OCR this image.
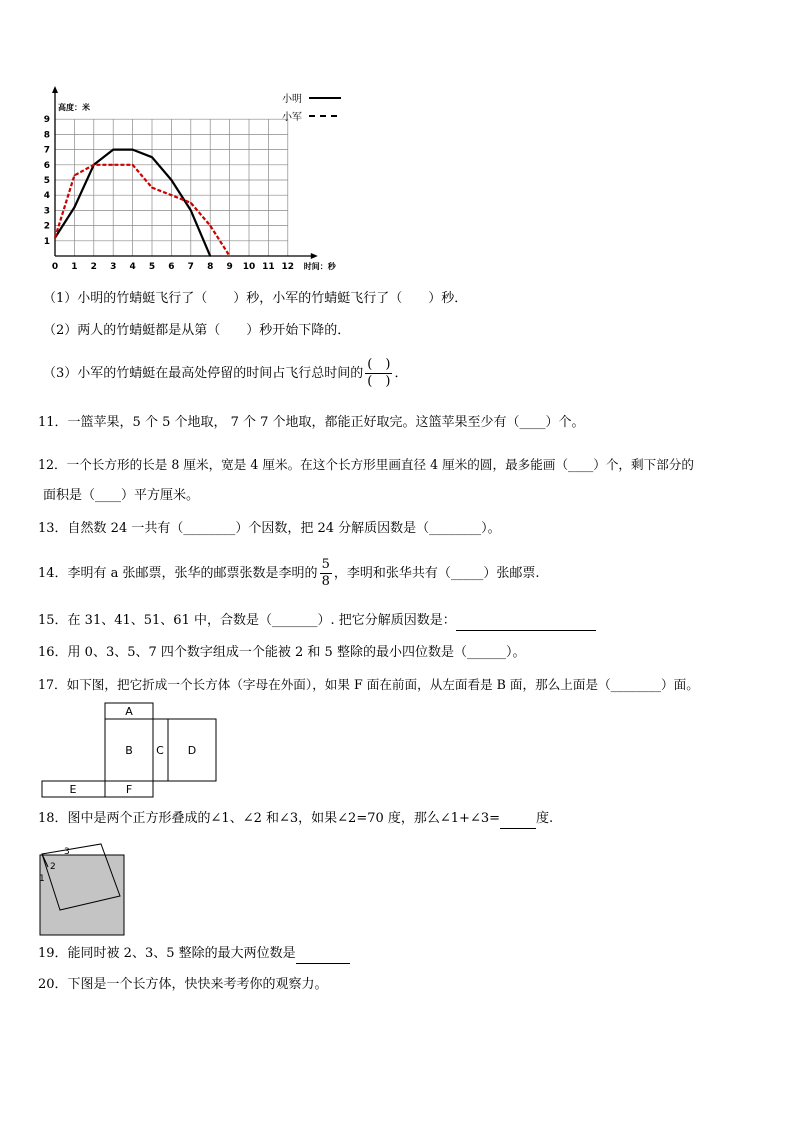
0 1 2 3 4 5 6 7 8 9 10 11 12
1
2
3
4
5
6
7
8
9
高度：米
时间：秒
小明
小军
（1）小明的竹蜻蜓飞行了（　　）秒，小军的竹蜻蜓飞行了（　　）秒．
（2）两人的竹蜻蜓都是从第（　　）秒开始下降的．
（3）小军的竹蜻蜓在最高处停留的时间占飞行总时间的 $\frac{( )}{( )}$ ．
11．一篮苹果，5 个 5 个地取， 7 个 7 个地取，都能正好取完。这篮苹果至少有（____）个。
12．一个长方形的长是 8 厘米，宽是 4 厘米。在这个长方形里画直径 4 厘米的圆，最多能画（____）个，剩下部分的
面积是（____）平方厘米。
13．自然数 24 一共有（________）个因数，把 24 分解质因数是（________）。
14．李明有 a 张邮票，张华的邮票张数是李明的 $\frac{5}{8}$ ，李明和张华共有（_____）张邮票.
15．在 31、41、51、61 中，合数是（_______）. 把它分解质因数是：
16．用 0、3、5、7 四个数字组成一个能被 2 和 5 整除的最小四位数是（______）。
17．如下图，把它折成一个长方体（字母在外面），如果 F 面在前面，从左面看是 B 面，那么上面是（________）面。
A
B C D
E	F
18．图中是两个正方形叠成的∠1、∠2 和∠3，如果∠2=70 度，那么∠1+∠3=	度.
1
2
3
19．能同时被 2、3、5 整除的最大两位数是
20．下图是一个长方体，快快来考考你的观察力。
